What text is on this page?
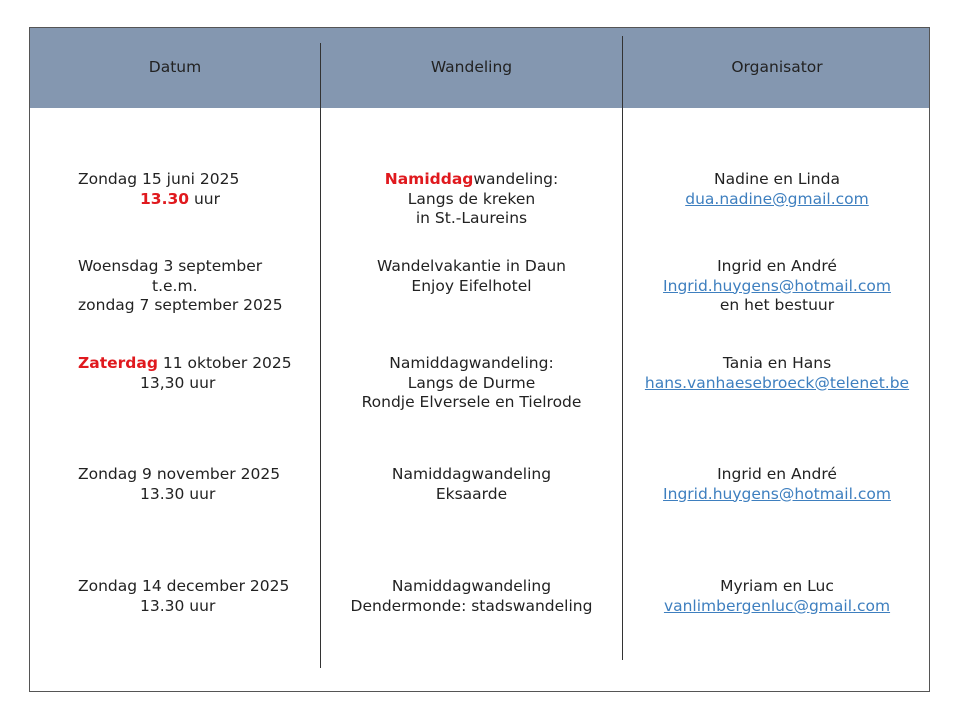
Datum	Wandeling	Organisator
Zondag 15 juni 2025
13.30 uur
Namiddagwandeling:
Langs de kreken
in St.-Laureins
Nadine en Linda
dua.nadine@gmail.com
Woensdag 3 september
t.e.m.
zondag 7 september 2025
Wandelvakantie in Daun
Enjoy Eifelhotel
Ingrid en André
Ingrid.huygens@hotmail.com
en het bestuur
Zaterdag 11 oktober 2025
13,30 uur
Namiddagwandeling:
Langs de Durme
Rondje Elversele en Tielrode
Tania en Hans
hans.vanhaesebroeck@telenet.be
Zondag 9 november 2025
13.30 uur
Namiddagwandeling
Eksaarde
Ingrid en André
Ingrid.huygens@hotmail.com
Zondag 14 december 2025
13.30 uur
Namiddagwandeling
Dendermonde: stadswandeling
Myriam en Luc
vanlimbergenluc@gmail.com
